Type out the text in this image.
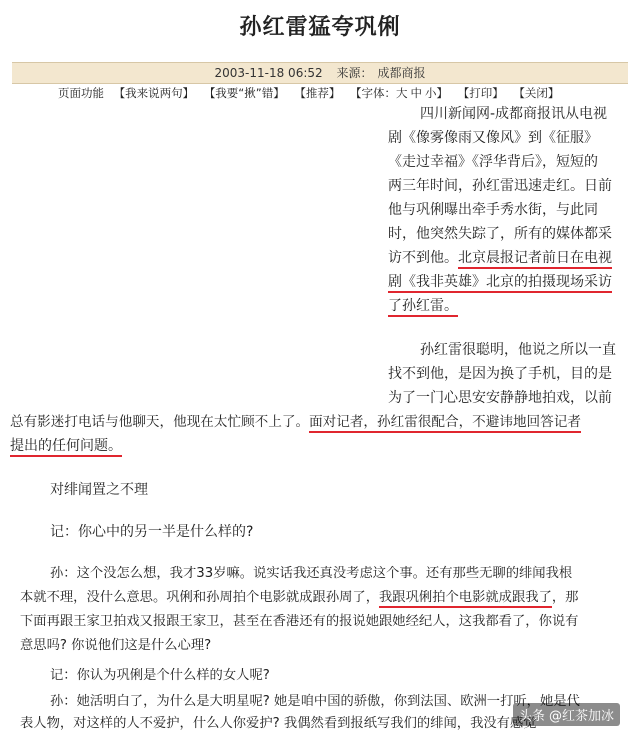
孙红雷猛夸巩俐
2003-11-18 06:52 来源： 成都商报
页面功能 【我来说两句】 【我要“揪”错】 【推荐】 【字体：大 中 小】 【打印】 【关闭】
四川新闻网-成都商报讯从电视
剧《像雾像雨又像风》到《征服》
《走过幸福》《浮华背后》，短短的
两三年时间，孙红雷迅速走红。日前
他与巩俐曝出牵手秀水街，与此同
时，他突然失踪了，所有的媒体都采
访不到他。北京晨报记者前日在电视
剧《我非英雄》北京的拍摄现场采访
了孙红雷。
孙红雷很聪明，他说之所以一直
找不到他，是因为换了手机，目的是
为了一门心思安安静静地拍戏，以前
总有影迷打电话与他聊天，他现在太忙顾不上了。面对记者，孙红雷很配合，不避讳地回答记者
提出的任何问题。
对绯闻置之不理
记：你心中的另一半是什么样的?
孙：这个没怎么想，我才33岁嘛。说实话我还真没考虑这个事。还有那些无聊的绯闻我根
本就不理，没什么意思。巩俐和孙周拍个电影就成跟孙周了，我跟巩俐拍个电影就成跟我了，那
下面再跟王家卫拍戏又报跟王家卫，甚至在香港还有的报说她跟她经纪人，这我都看了，你说有
意思吗? 你说他们这是什么心理?
记：你认为巩俐是个什么样的女人呢?
孙：她活明白了，为什么是大明星呢? 她是咱中国的骄傲，你到法国、欧洲一打听，她是代
表人物，对这样的人不爱护，什么人你爱护? 我偶然看到报纸写我们的绯闻，我没有感觉
头条 @红茶加冰
